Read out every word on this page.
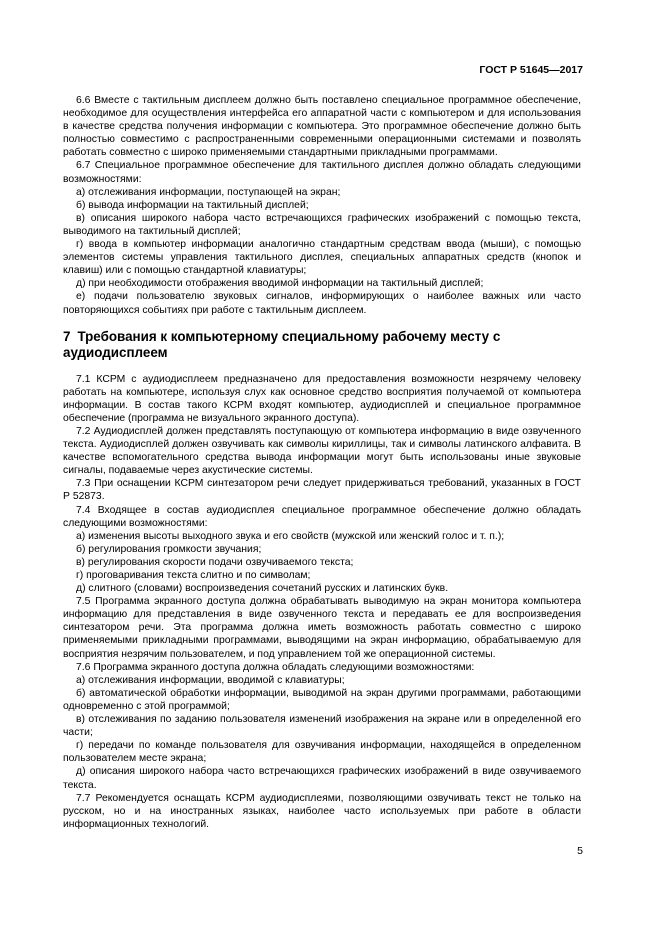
ГОСТ Р 51645—2017

6.6 Вместе с тактильным дисплеем должно быть поставлено специальное программное обеспечение, необходимое для осуществления интерфейса его аппаратной части с компьютером и для использования в качестве средства получения информации с компьютера. Это программное обеспечение должно быть полностью совместимо с распространенными современными операционными системами и позволять работать совместно с широко применяемыми стандартными прикладными программами.

6.7 Специальное программное обеспечение для тактильного дисплея должно обладать следующими возможностями:

а) отслеживания информации, поступающей на экран;

б) вывода информации на тактильный дисплей;

в) описания широкого набора часто встречающихся графических изображений с помощью текста, выводимого на тактильный дисплей;

г) ввода в компьютер информации аналогично стандартным средствам ввода (мыши), с помощью элементов системы управления тактильного дисплея, специальных аппаратных средств (кнопок и клавиш) или с помощью стандартной клавиатуры;

д) при необходимости отображения вводимой информации на тактильный дисплей;

е) подачи пользователю звуковых сигналов, информирующих о наиболее важных или часто повторяющихся событиях при работе с тактильным дисплеем.

7 Требования к компьютерному специальному рабочему месту с аудиодисплеем

7.1 КСРМ с аудиодисплеем предназначено для предоставления возможности незрячему человеку работать на компьютере, используя слух как основное средство восприятия получаемой от компьютера информации. В состав такого КСРМ входят компьютер, аудиодисплей и специальное программное обеспечение (программа не визуального экранного доступа).

7.2 Аудиодисплей должен представлять поступающую от компьютера информацию в виде озвученного текста. Аудиодисплей должен озвучивать как символы кириллицы, так и символы латинского алфавита. В качестве вспомогательного средства вывода информации могут быть использованы иные звуковые сигналы, подаваемые через акустические системы.

7.3 При оснащении КСРМ синтезатором речи следует придерживаться требований, указанных в ГОСТ Р 52873.

7.4 Входящее в состав аудиодисплея специальное программное обеспечение должно обладать следующими возможностями:

а) изменения высоты выходного звука и его свойств (мужской или женский голос и т. п.);

б) регулирования громкости звучания;

в) регулирования скорости подачи озвучиваемого текста;

г) проговаривания текста слитно и по символам;

д) слитного (словами) воспроизведения сочетаний русских и латинских букв.

7.5 Программа экранного доступа должна обрабатывать выводимую на экран монитора компьютера информацию для представления в виде озвученного текста и передавать ее для воспроизведения синтезатором речи. Эта программа должна иметь возможность работать совместно с широко применяемыми прикладными программами, выводящими на экран информацию, обрабатываемую для восприятия незрячим пользователем, и под управлением той же операционной системы.

7.6 Программа экранного доступа должна обладать следующими возможностями:

а) отслеживания информации, вводимой с клавиатуры;

б) автоматической обработки информации, выводимой на экран другими программами, работающими одновременно с этой программой;

в) отслеживания по заданию пользователя изменений изображения на экране или в определенной его части;

г) передачи по команде пользователя для озвучивания информации, находящейся в определенном пользователем месте экрана;

д) описания широкого набора часто встречающихся графических изображений в виде озвучиваемого текста.

7.7 Рекомендуется оснащать КСРМ аудиодисплеями, позволяющими озвучивать текст не только на русском, но и на иностранных языках, наиболее часто используемых при работе в области информационных технологий.

5
